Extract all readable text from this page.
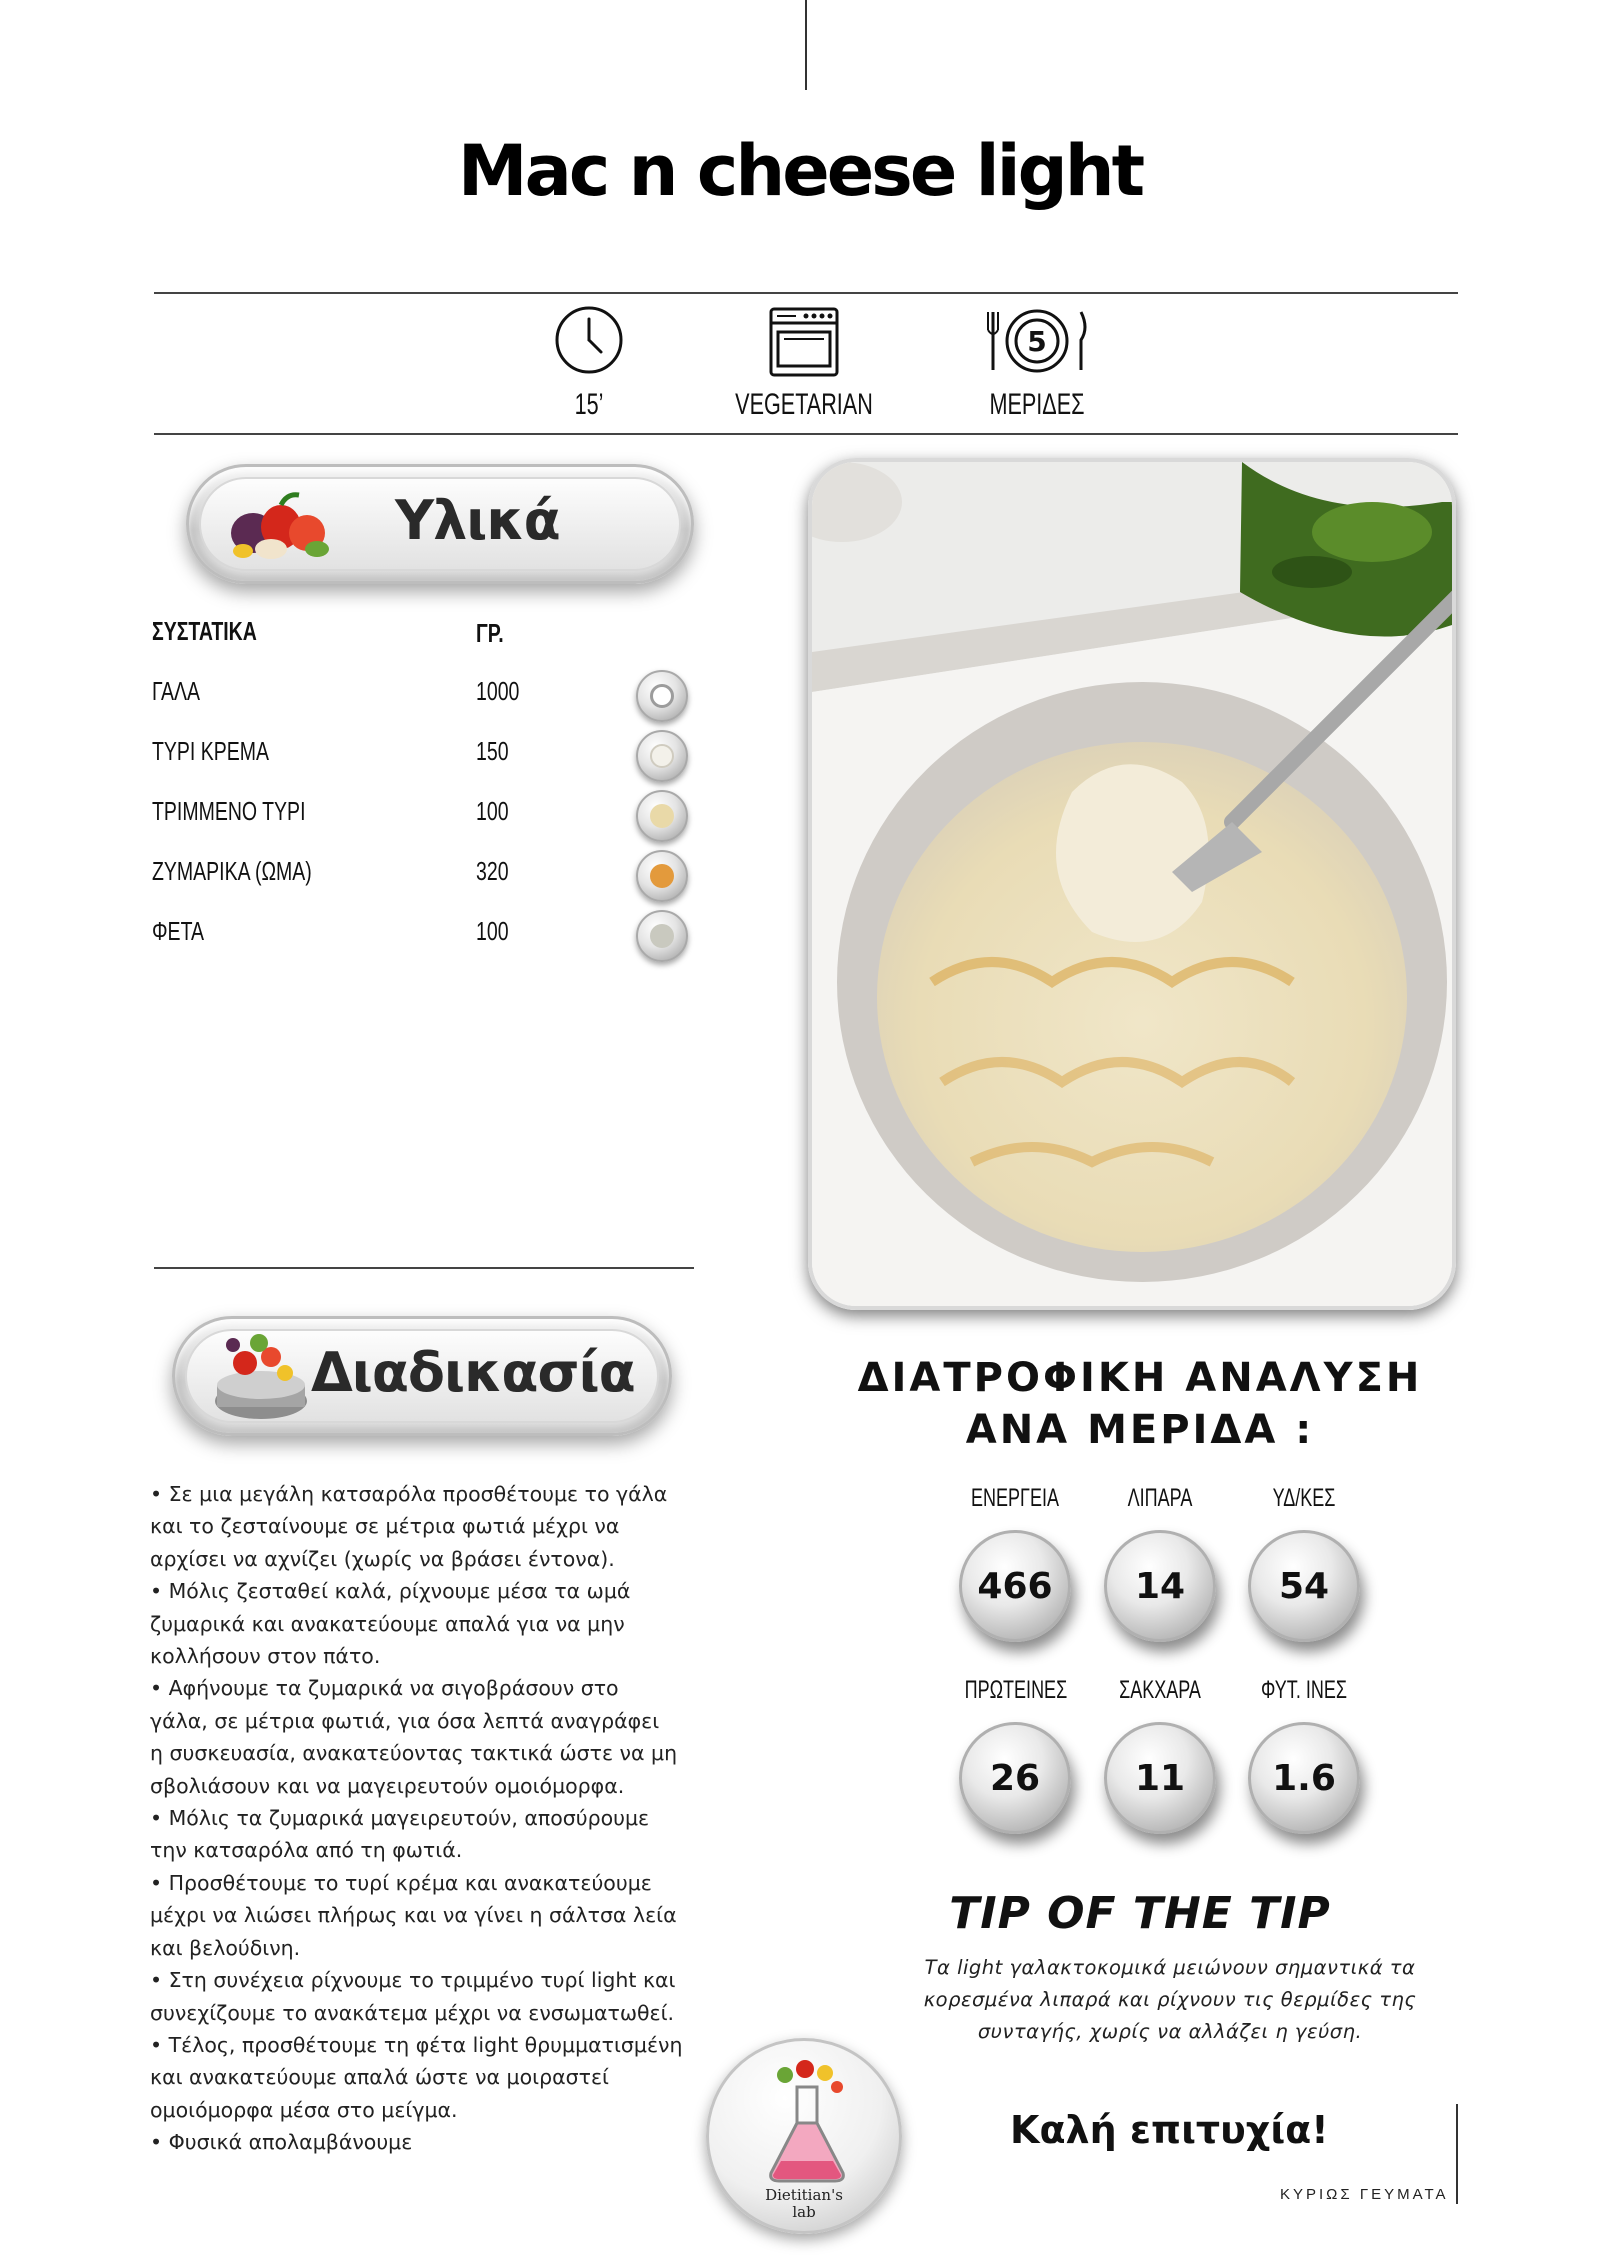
Mac n cheese light
15’	VEGETARIAN
5
ΜΕΡΙΔΕΣ
Υλικά
ΣΥΣΤΑΤΙΚΑ	ΓΡ.
ΓΑΛΑ	1000
ΤΥΡΙ ΚΡΕΜΑ	150
ΤΡΙΜΜΕΝΟ ΤΥΡΙ	100
ΖΥΜΑΡΙΚΑ (ΩΜΑ)	320
ΦΕΤΑ	100
Διαδικασία

• Σε μια μεγάλη κατσαρόλα προσθέτουμε το γάλα

και το ζεσταίνουμε σε μέτρια φωτιά μέχρι να

αρχίσει να αχνίζει (χωρίς να βράσει έντονα).

• Μόλις ζεσταθεί καλά, ρίχνουμε μέσα τα ωμά

ζυμαρικά και ανακατεύουμε απαλά για να μην

κολλήσουν στον πάτο.

• Αφήνουμε τα ζυμαρικά να σιγοβράσουν στο

γάλα, σε μέτρια φωτιά, για όσα λεπτά αναγράφει

η συσκευασία, ανακατεύοντας τακτικά ώστε να μη

σβολιάσουν και να μαγειρευτούν ομοιόμορφα.

• Μόλις τα ζυμαρικά μαγειρευτούν, αποσύρουμε

την κατσαρόλα από τη φωτιά.

• Προσθέτουμε το τυρί κρέμα και ανακατεύουμε

μέχρι να λιώσει πλήρως και να γίνει η σάλτσα λεία

και βελούδινη.

• Στη συνέχεια ρίχνουμε το τριμμένο τυρί light και

συνεχίζουμε το ανακάτεμα μέχρι να ενσωματωθεί.

• Τέλος, προσθέτουμε τη φέτα light θρυμματισμένη

και ανακατεύουμε απαλά ώστε να μοιραστεί

ομοιόμορφα μέσα στο μείγμα.

• Φυσικά απολαμβάνουμε

ΔΙΑΤΡΟΦΙΚΗ ΑΝΑΛΥΣΗ
ΑΝΑ ΜΕΡΙΔΑ :
ΕΝΕΡΓΕΙΑ	ΛΙΠΑΡΑ	ΥΔ/ΚΕΣ
466	14	54
ΠΡΩΤΕΙΝΕΣ	ΣΑΚΧΑΡΑ	ΦΥΤ. ΙΝΕΣ
26	11	1.6
TIP OF THE TIP

Τα light γαλακτοκομικά μειώνουν σημαντικά τα

κορεσμένα λιπαρά και ρίχνουν τις θερμίδες της

συνταγής, χωρίς να αλλάζει η γεύση.

Dietitian's
lab
Καλή επιτυχία!
ΚΥΡΙΩΣ ΓΕΥΜΑΤΑ
